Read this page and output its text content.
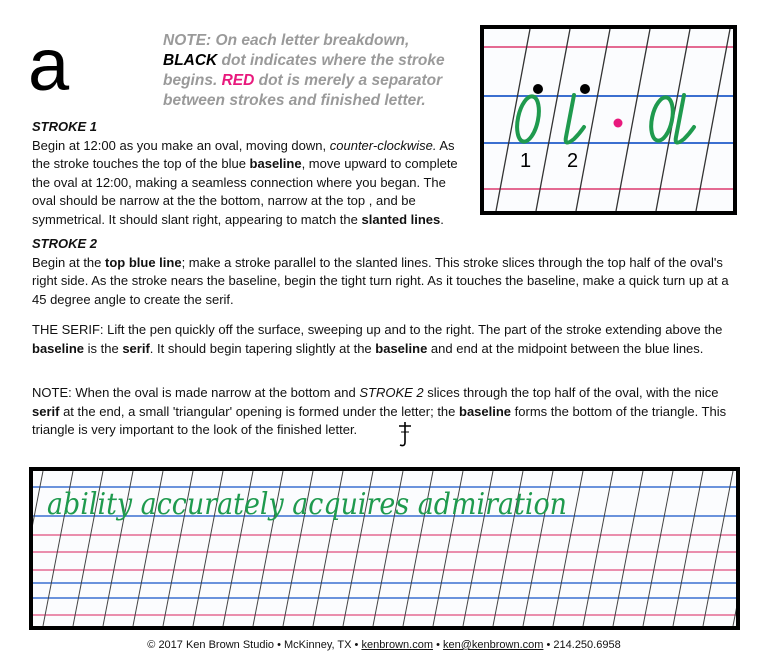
a	NOTE: On each letter breakdown, BLACK dot indicates where the stroke begins. RED dot is merely a separator between strokes and finished letter.
1 2
STROKE 1
Begin at 12:00 as you make an oval, moving down, counter-clockwise. As the stroke touches the top of the blue baseline, move upward to complete the oval at 12:00, making a seamless connection where you began. The oval should be narrow at the the bottom, narrow at the top , and be symmetrical. It should slant right, appearing to match the slanted lines.
STROKE 2
Begin at the top blue line; make a stroke parallel to the slanted lines. This stroke slices through the top half of the oval's right side. As the stroke nears the baseline, begin the tight turn right. As it touches the baseline, make a quick turn up at a 45 degree angle to create the serif.
THE SERIF: Lift the pen quickly off the surface, sweeping up and to the right. The part of the stroke extending above the baseline is the serif. It should begin tapering slightly at the baseline and end at the midpoint between the blue lines.
NOTE: When the oval is made narrow at the bottom and STROKE 2 slices through the top half of the oval, with the nice serif at the end, a small 'triangular' opening is formed under the letter; the baseline forms the bottom of the triangle. This triangle is very important to the look of the finished letter.
ability accurately acquires admiration
© 2017 Ken Brown Studio • McKinney, TX • kenbrown.com • ken@kenbrown.com • 214.250.6958
